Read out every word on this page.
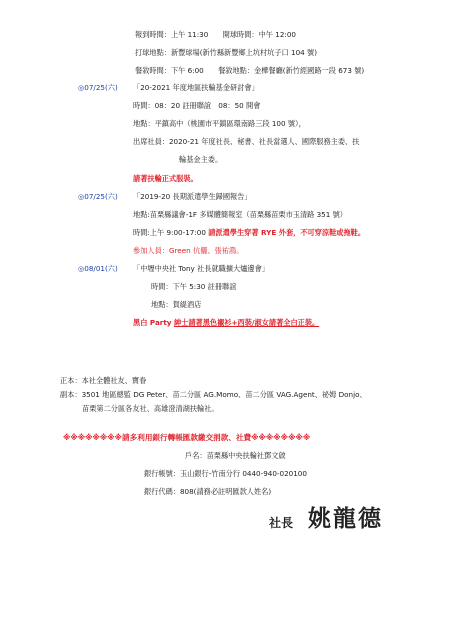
報到時間：上午 11:30　　開球時間：中午 12:00
打球地點：新豐球場(新竹縣新豐鄉上坑村坑子口 104 號)
餐敘時間：下午 6:00　　餐敘地點：金樺餐廳(新竹經國路一段 673 號)
◎07/25(六) 「20-2021 年度地區扶輪基金研討會」
時間：08：20 註冊聯誼　08：50 開會
地點：平鎮高中（桃園市平鎮區環南路三段 100 號），
出席社員：2020-21 年度社長、秘書、社長當選人、國際服務主委、扶
輪基金主委。
請著扶輪正式服裝。
◎07/25(六) 「2019-20 長期派遣學生歸國報告」
地點:苗栗縣議會-1F 多媒體簡報室（苗栗縣苗栗市玉清路 351 號）
時間:上午 9:00-17:00 請派遣學生穿著 RYE 外套，不可穿涼鞋或拖鞋。
參加人員：Green 伉儷、張祐鴻。
◎08/01(六) 「中壢中央社 Tony 社長就職擴大爐邊會」
時間：下午 5:30 註冊聯誼
地點：賀緹酒店
黑白 Party 紳士請著黑色襯衫+西裝/淑女請著全白正裝。
正本：本社全體社友、寶眷
副本：3501 地區總監 DG Peter、苗二分區 AG.Momo、苗二分區 VAG.Agent、祕姆 Donjo、
苗栗第二分區各友社、高雄澄清湖扶輪社。
※※※※※※※※請多利用銀行轉帳匯款繳交捐款、社費※※※※※※※※
戶名：苗栗縣中央扶輪社鄧文啟
銀行帳號：玉山銀行-竹南分行 0440-940-020100
銀行代碼：808(請務必註明匯款人姓名)
社長 姚龍德
